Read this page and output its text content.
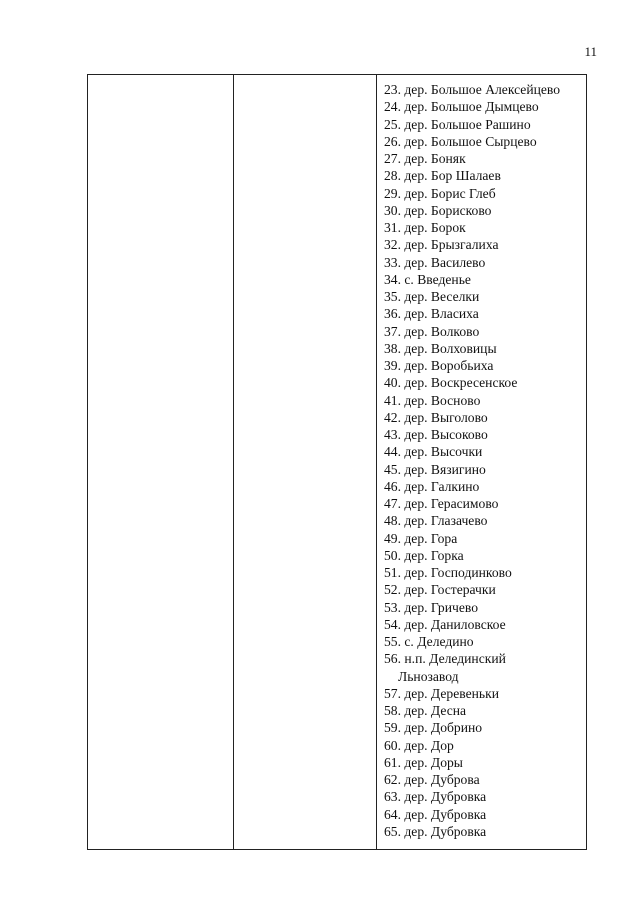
11

23. дер. Большое Алексейцево
24. дер. Большое Дымцево
25. дер. Большое Рашино
26. дер. Большое Сырцево
27. дер. Боняк
28. дер. Бор Шалаев
29. дер. Борис Глеб
30. дер. Борисково
31. дер. Борок
32. дер. Брызгалиха
33. дер. Василево
34. с. Введенье
35. дер. Веселки
36. дер. Власиха
37. дер. Волково
38. дер. Волховицы
39. дер. Воробьиха
40. дер. Воскресенское
41. дер. Восново
42. дер. Выголово
43. дер. Высоково
44. дер. Высочки
45. дер. Вязигино
46. дер. Галкино
47. дер. Герасимово
48. дер. Глазачево
49. дер. Гора
50. дер. Горка
51. дер. Господинково
52. дер. Гостерачки
53. дер. Гричево
54. дер. Даниловское
55. с. Деледино
56. н.п. Делединский
Льнозавод
57. дер. Деревеньки
58. дер. Десна
59. дер. Добрино
60. дер. Дор
61. дер. Доры
62. дер. Дуброва
63. дер. Дубровка
64. дер. Дубровка
65. дер. Дубровка
